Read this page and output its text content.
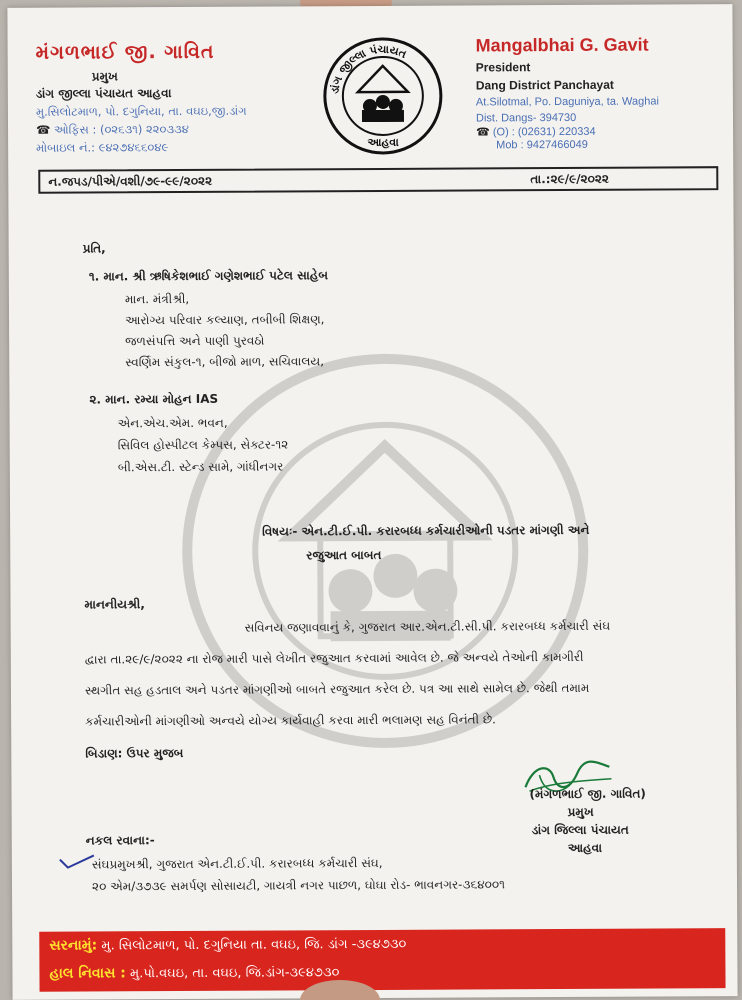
મંગળભાઈ જી. ગાવિત
પ્રમુખ
ડાંગ જીલ્લા પંચાયત આહવા
મુ.સિલોટમાળ, પો. દગુનિયા, તા. વઘઇ,જી.ડાંગ
☎ ઓફિસ : (૦૨૬૩૧) ૨૨૦૩૩૪
મોબાઇલ નં.: ૯૪૨૭૪૬૬૦૪૯
ડાંગ જીલ્લા પંચાયત
આહવા
Mangalbhai G. Gavit
President
Dang District Panchayat
At.Silotmal, Po. Daguniya, ta. Waghai
Dist. Dangs- 394730
☎ (O) : (02631) 220334
Mob : 9427466049
ન.જપડ/પીએ/વશી/૭૯-૯૯/૨૦૨૨	તા.:૨૯/૯/૨૦૨૨
પ્રતિ,
૧. માન. શ્રી ઋષિકેશભાઈ ગણેશભાઈ પટેલ સાહેબ
માન. મંત્રીશ્રી,
આરોગ્ય પરિવાર કલ્યાણ, તબીબી શિક્ષણ,
જળસંપત્તિ અને પાણી પુરવઠો
સ્વર્ણિમ સંકુલ-૧, બીજો માળ, સચિવાલય,
૨. માન. રમ્યા મોહન IAS
એન.એચ.એમ. ભવન,
સિવિલ હોસ્પીટલ કેમ્પસ, સેક્ટર-૧૨
બી.એસ.ટી. સ્ટેન્ડ સામે, ગાંધીનગર
વિષયઃ- એન.ટી.ઈ.પી. કરારબધ્ધ કર્મચારીઓની પડતર માંગણી અને
રજુઆત બાબત
માનનીયશ્રી,
સવિનય જણાવવાનું કે, ગુજરાત આર.એન.ટી.સી.પી. કરારબધ્ધ કર્મચારી સંઘ
દ્વારા તા.૨૯/૯/૨૦૨૨ ના રોજ મારી પાસે લેખીત રજુઆત કરવામાં આવેલ છે. જે અન્વયે તેઓની કામગીરી
સ્થગીત સહ હડતાલ અને પડતર માંગણીઓ બાબતે રજુઆત કરેલ છે. પત્ર આ સાથે સામેલ છે. જેથી તમામ
કર્મચારીઓની માંગણીઓ અન્વયે યોગ્ય કાર્યવાહી કરવા મારી ભલામણ સહ વિનંતી છે.
બિડાણ: ઉપર મુજબ
(મંગળભાઈ જી. ગાવિત)
પ્રમુખ
ડાંગ જિલ્લા પંચાયત
આહવા
નકલ રવાના:-
સંઘપ્રમુખશ્રી, ગુજરાત એન.ટી.ઈ.પી. કરારબધ્ધ કર્મચારી સંઘ,
૨૦ એમ/૩૭૩૯ સમર્પણ સોસાયટી, ગાયત્રી નગર પાછળ, ઘોઘા રોડ- ભાવનગર-૩૬૪૦૦૧
સરનામું: મુ. સિલોટમાળ, પો. દગુનિયા તા. વઘઇ, જિ. ડાંગ -૩૯૪૭૩૦
હાલ નિવાસ : મુ.પો.વઘઇ, તા. વઘઇ, જિ.ડાંગ-૩૯૪૭૩૦
